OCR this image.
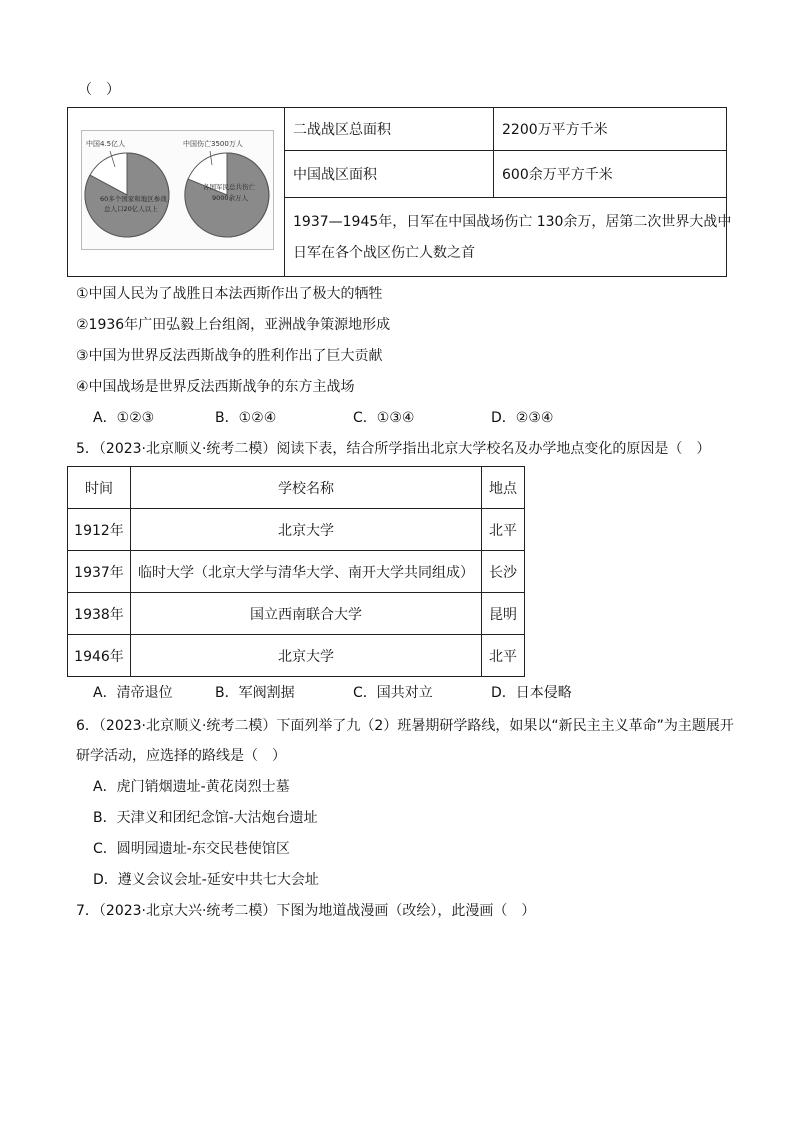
（　）
中国4.5亿人
60多个国家和地区参战
总人口20亿人以上
中国伤亡3500万人
各国军民总共伤亡
9000余万人
二战战区总面积	2200万平方千米
中国战区面积	600余万平方千米
1937—1945年，日军在中国战场伤亡 130余万，居第二次世界大战中
日军在各个战区伤亡人数之首
①中国人民为了战胜日本法西斯作出了极大的牺牲
②1936年广田弘毅上台组阁，亚洲战争策源地形成
③中国为世界反法西斯战争的胜利作出了巨大贡献
④中国战场是世界反法西斯战争的东方主战场
A．①②③	B．①②④	C．①③④	D．②③④
5．（2023·北京顺义·统考二模）阅读下表，结合所学指出北京大学校名及办学地点变化的原因是（　）
时间	学校名称	地点
1912年	北京大学	北平
1937年	临时大学（北京大学与清华大学、南开大学共同组成）	长沙
1938年	国立西南联合大学	昆明
1946年	北京大学	北平
A．清帝退位	B．军阀割据	C．国共对立	D．日本侵略
6．（2023·北京顺义·统考二模）下面列举了九（2）班暑期研学路线，如果以“新民主主义革命”为主题展开
研学活动，应选择的路线是（　）
A．虎门销烟遗址-黄花岗烈士墓
B．天津义和团纪念馆-大沽炮台遗址
C．圆明园遗址-东交民巷使馆区
D．遵义会议会址-延安中共七大会址
7．（2023·北京大兴·统考二模）下图为地道战漫画（改绘），此漫画（　）
